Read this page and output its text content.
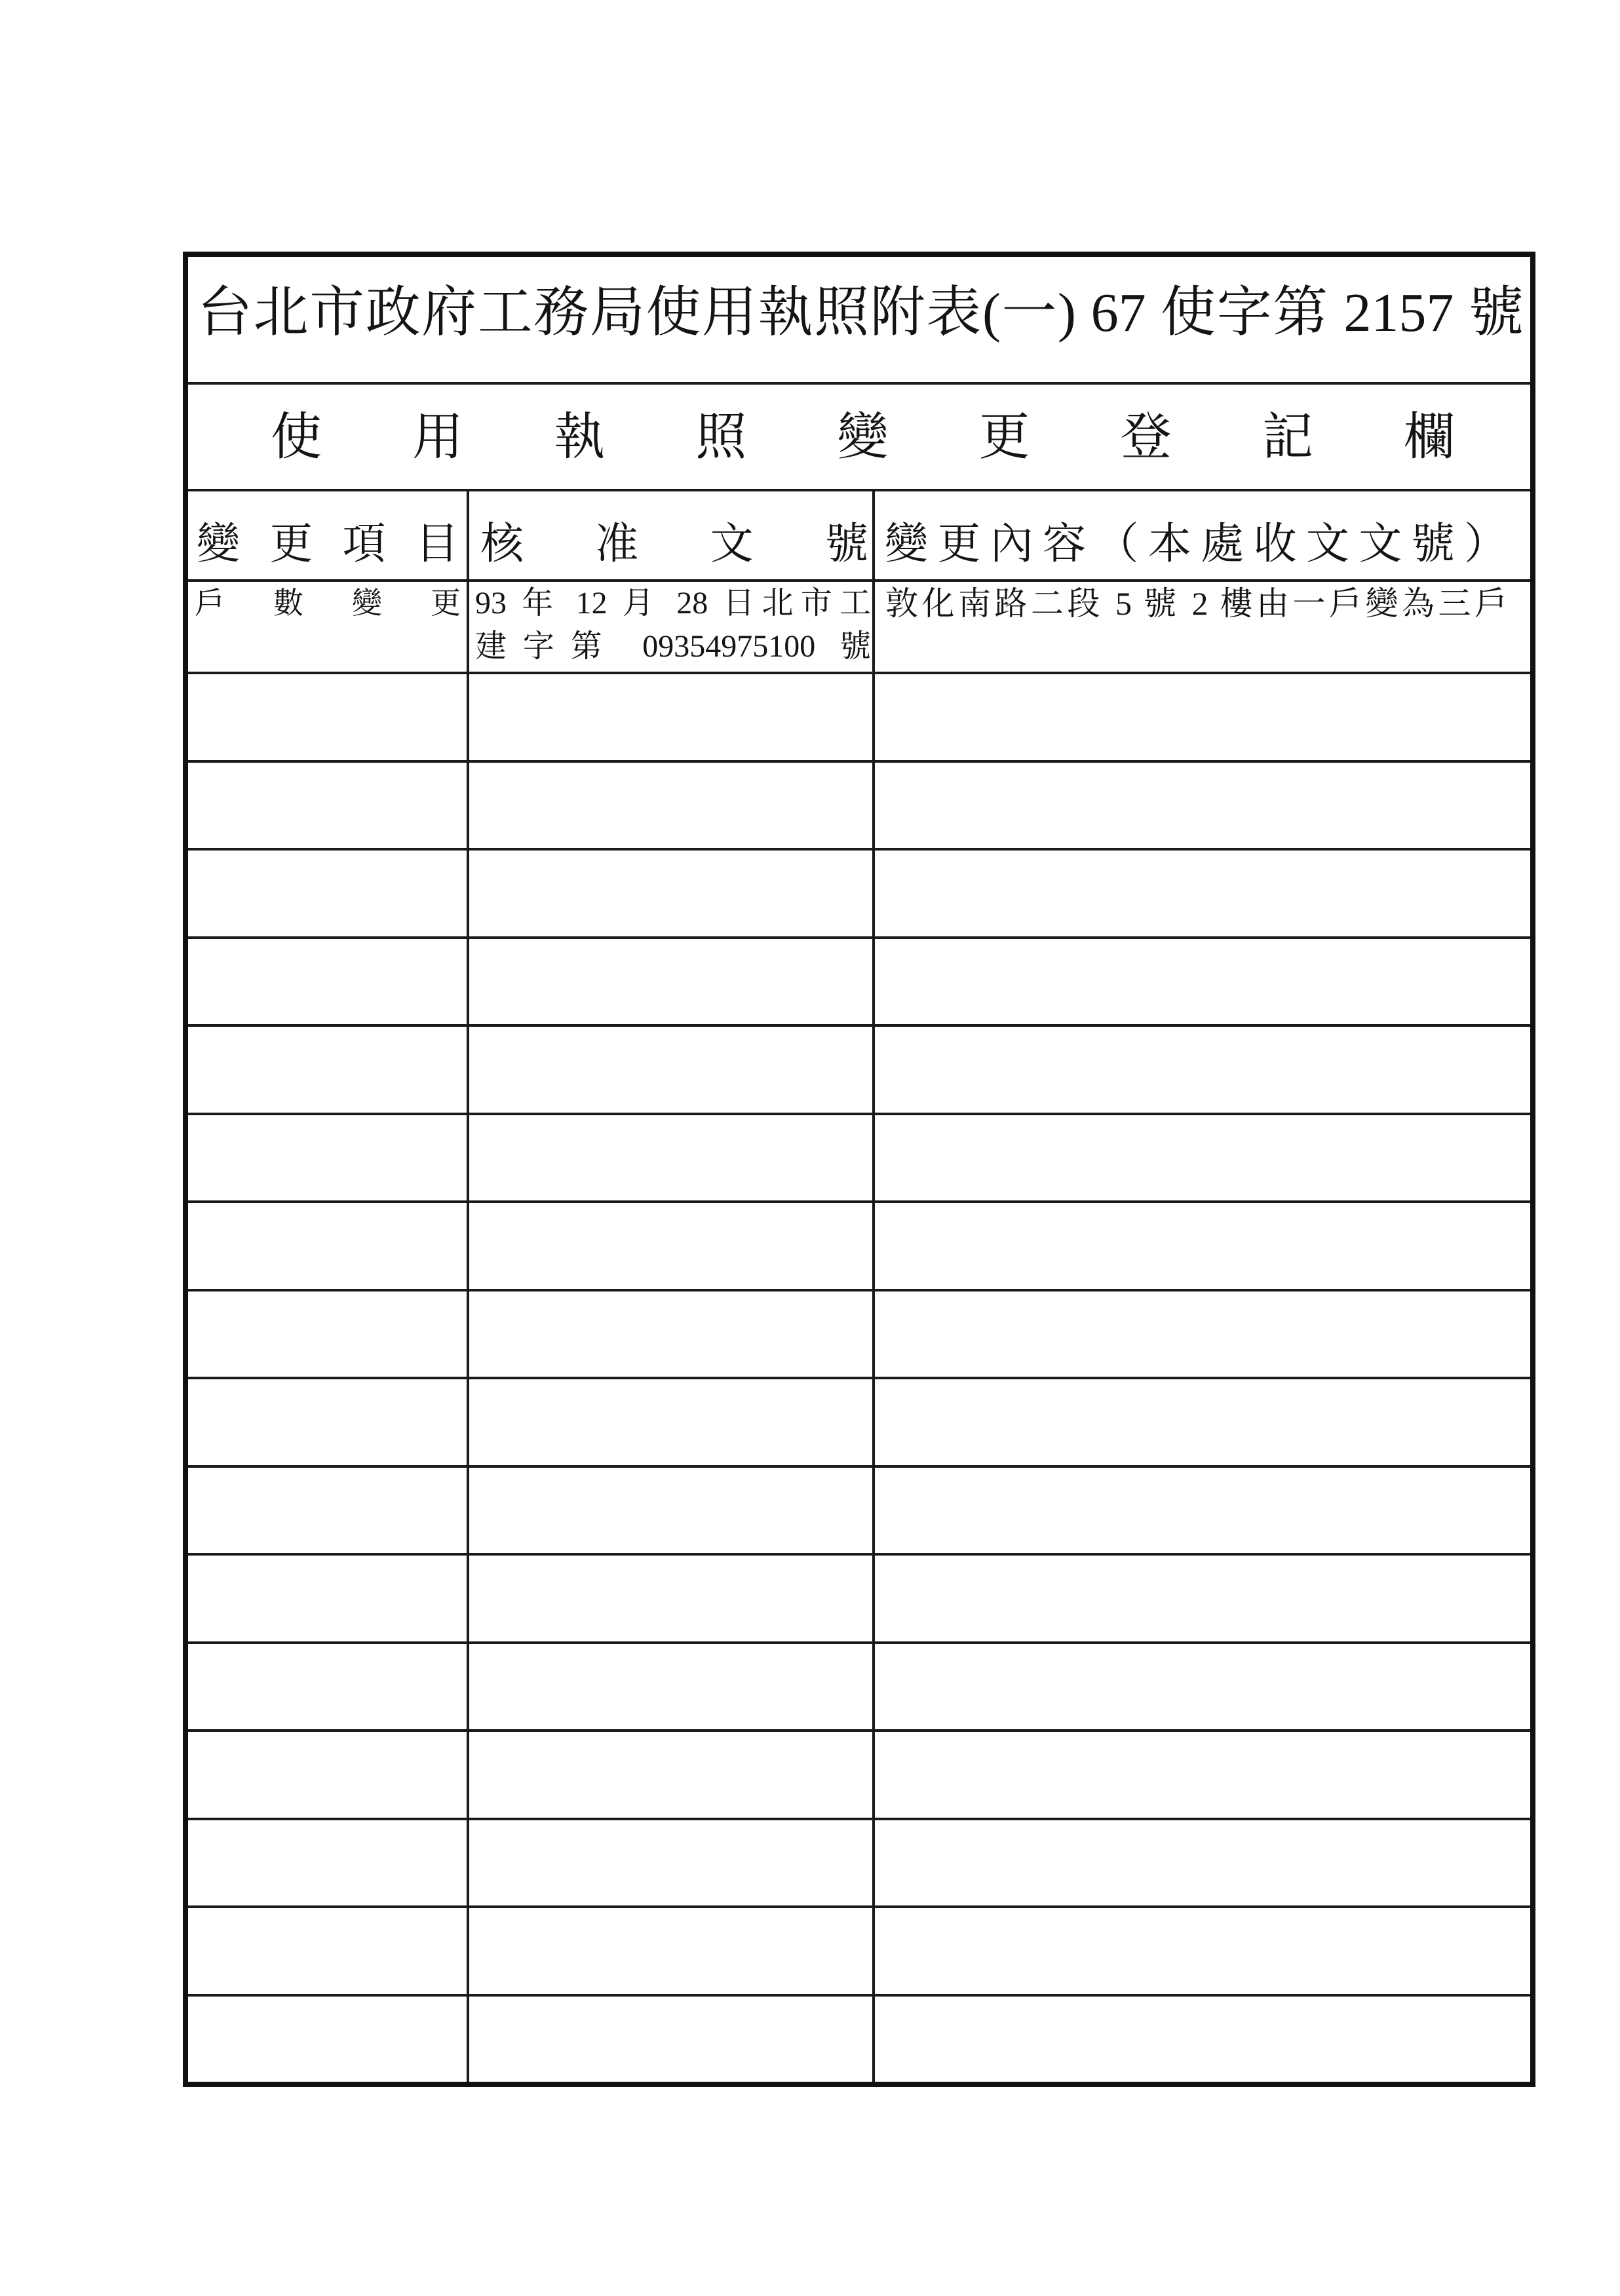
台北市政府工務局使用執照附表(一) 67 使字第 2157 號
使 用 執 照 變 更 登 記 欄
變 更 項 目 核 准 文 號 變更內容（本處收文文號）
戶 數 變 更 93 年 12 月 28 日北市工
建字第 09354975100 號
敦化南路二段 5 號 2 樓由一戶變為三戶
